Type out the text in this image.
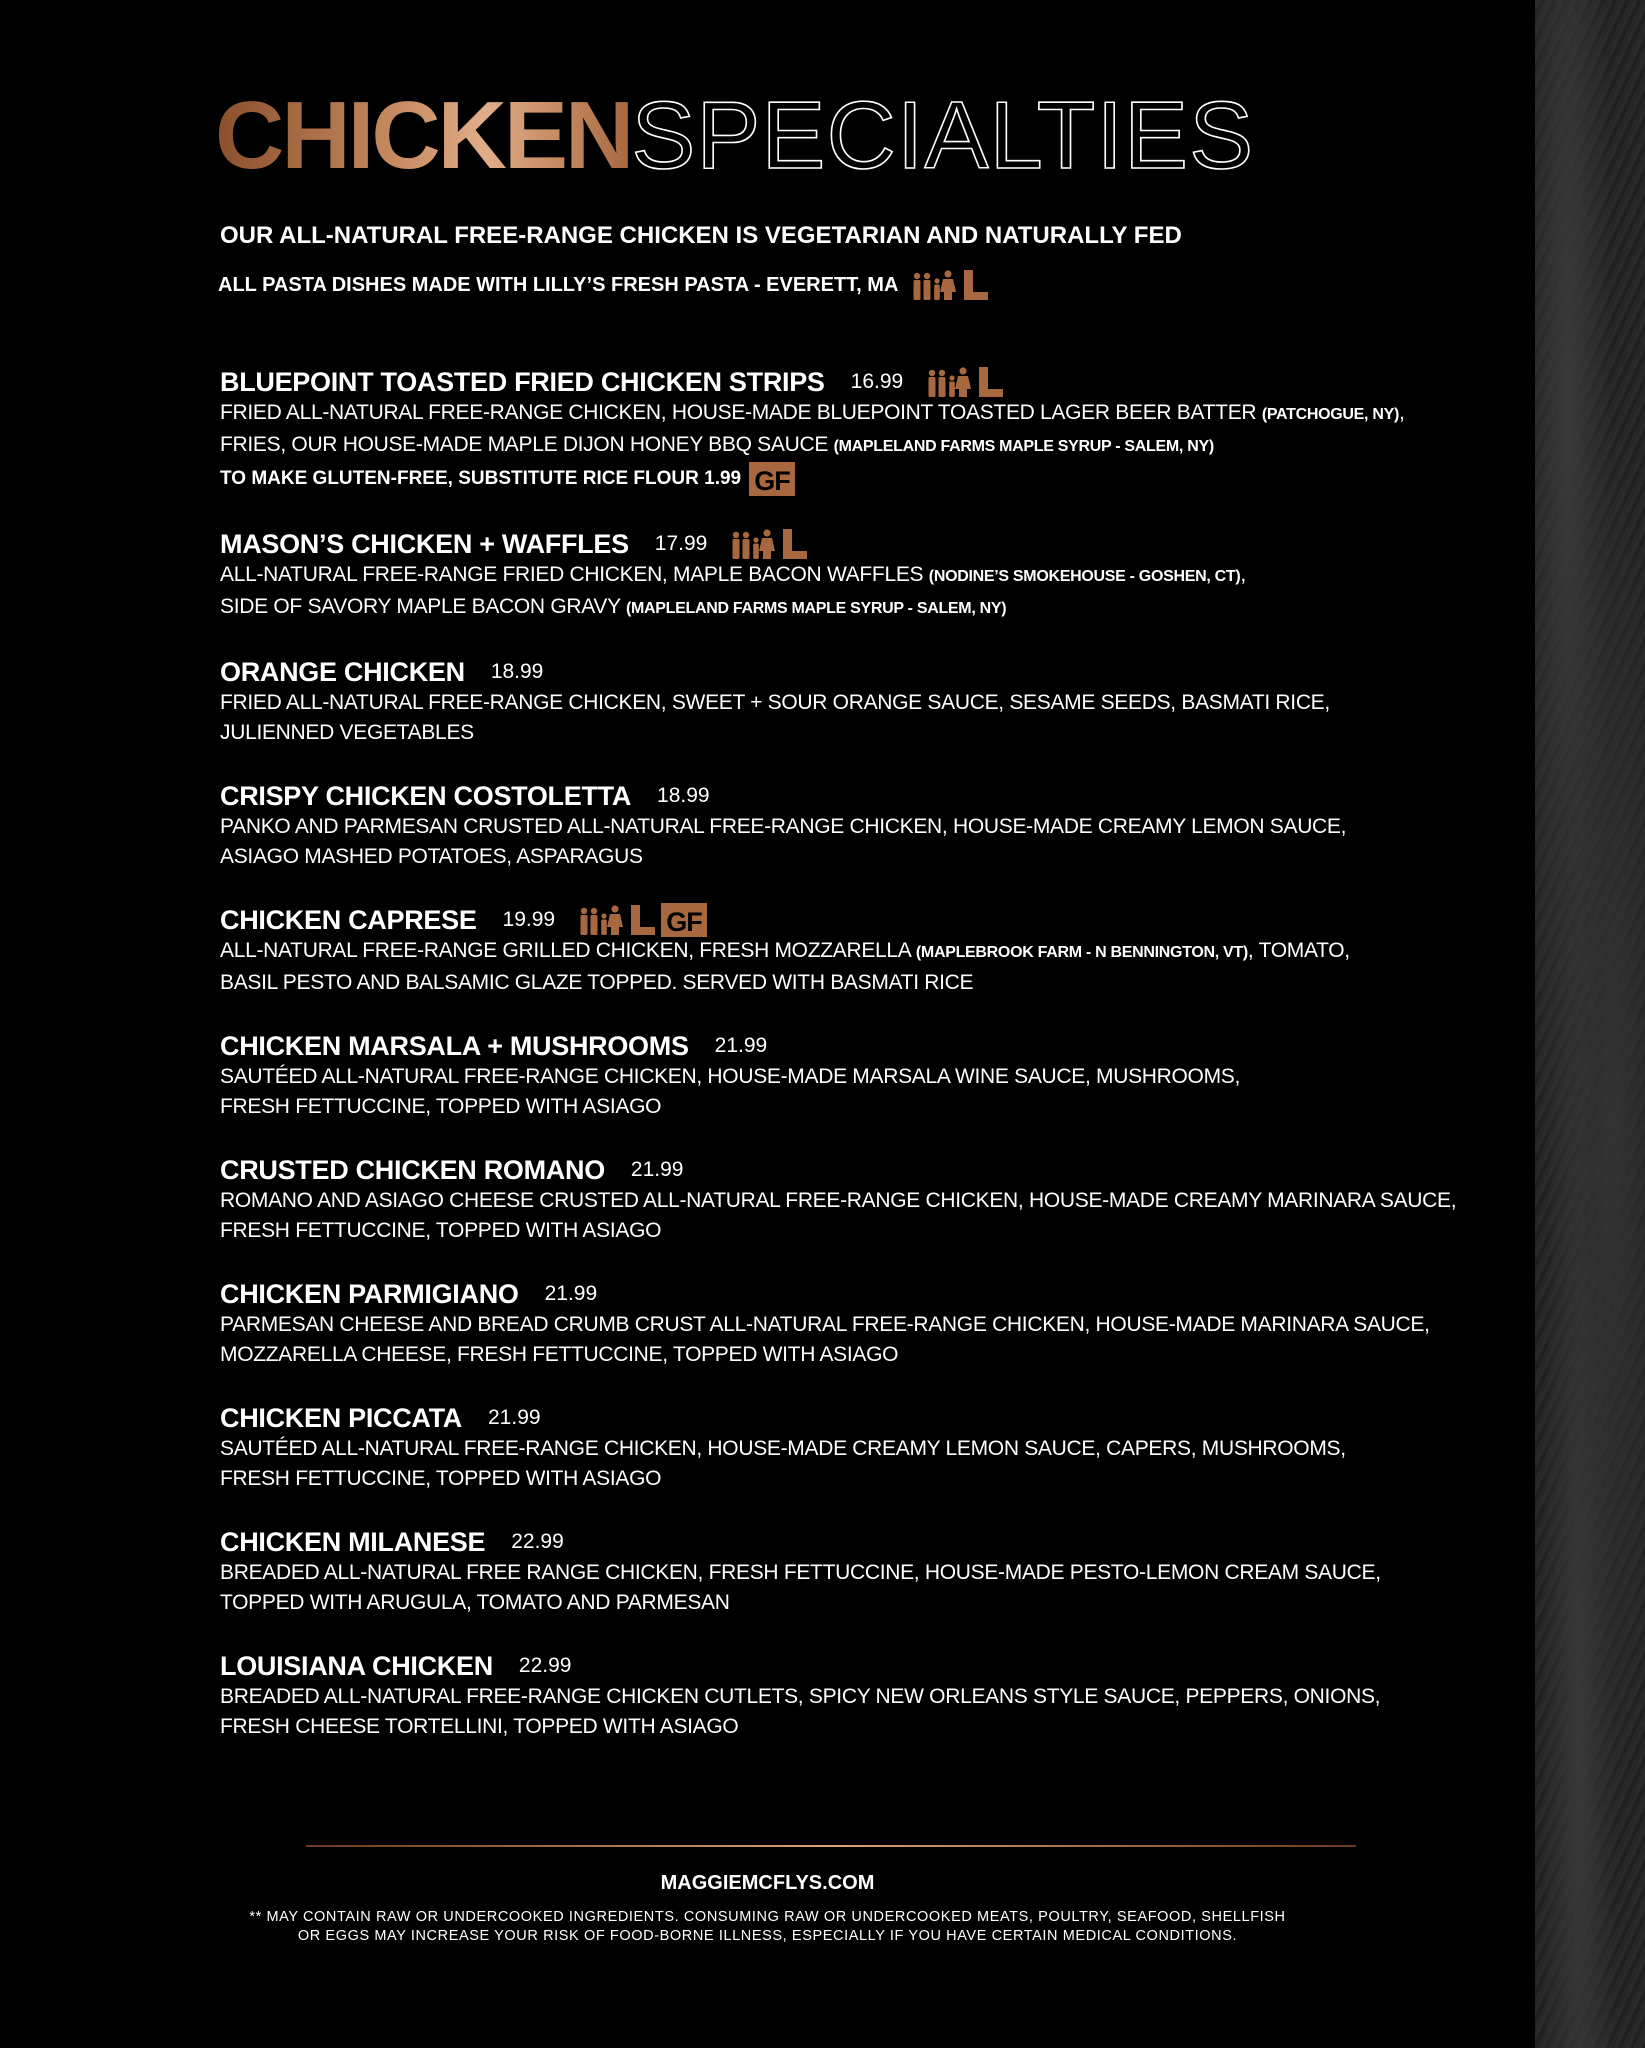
CHICKEN SPECIALTIES
OUR ALL-NATURAL FREE-RANGE CHICKEN IS VEGETARIAN AND NATURALLY FED
ALL PASTA DISHES MADE WITH LILLY’S FRESH PASTA - EVERETT, MA
BLUEPOINT TOASTED FRIED CHICKEN STRIPS 16.99
FRIED ALL-NATURAL FREE-RANGE CHICKEN, HOUSE-MADE BLUEPOINT TOASTED LAGER BEER BATTER (PATCHOGUE, NY),
FRIES, OUR HOUSE-MADE MAPLE DIJON HONEY BBQ SAUCE (MAPLELAND FARMS MAPLE SYRUP - SALEM, NY)
TO MAKE GLUTEN-FREE, SUBSTITUTE RICE FLOUR 1.99 GF
MASON’S CHICKEN + WAFFLES 17.99
ALL-NATURAL FREE-RANGE FRIED CHICKEN, MAPLE BACON WAFFLES (NODINE’S SMOKEHOUSE - GOSHEN, CT),
SIDE OF SAVORY MAPLE BACON GRAVY (MAPLELAND FARMS MAPLE SYRUP - SALEM, NY)
ORANGE CHICKEN 18.99
FRIED ALL-NATURAL FREE-RANGE CHICKEN, SWEET + SOUR ORANGE SAUCE, SESAME SEEDS, BASMATI RICE,
JULIENNED VEGETABLES
CRISPY CHICKEN COSTOLETTA 18.99
PANKO AND PARMESAN CRUSTED ALL-NATURAL FREE-RANGE CHICKEN, HOUSE-MADE CREAMY LEMON SAUCE,
ASIAGO MASHED POTATOES, ASPARAGUS
CHICKEN CAPRESE 19.99	GF
ALL-NATURAL FREE-RANGE GRILLED CHICKEN, FRESH MOZZARELLA (MAPLEBROOK FARM - N BENNINGTON, VT), TOMATO,
BASIL PESTO AND BALSAMIC GLAZE TOPPED. SERVED WITH BASMATI RICE
CHICKEN MARSALA + MUSHROOMS 21.99
SAUTÉED ALL-NATURAL FREE-RANGE CHICKEN, HOUSE-MADE MARSALA WINE SAUCE, MUSHROOMS,
FRESH FETTUCCINE, TOPPED WITH ASIAGO
CRUSTED CHICKEN ROMANO 21.99
ROMANO AND ASIAGO CHEESE CRUSTED ALL-NATURAL FREE-RANGE CHICKEN, HOUSE-MADE CREAMY MARINARA SAUCE,
FRESH FETTUCCINE, TOPPED WITH ASIAGO
CHICKEN PARMIGIANO 21.99
PARMESAN CHEESE AND BREAD CRUMB CRUST ALL-NATURAL FREE-RANGE CHICKEN, HOUSE-MADE MARINARA SAUCE,
MOZZARELLA CHEESE, FRESH FETTUCCINE, TOPPED WITH ASIAGO
CHICKEN PICCATA 21.99
SAUTÉED ALL-NATURAL FREE-RANGE CHICKEN, HOUSE-MADE CREAMY LEMON SAUCE, CAPERS, MUSHROOMS,
FRESH FETTUCCINE, TOPPED WITH ASIAGO
CHICKEN MILANESE 22.99
BREADED ALL-NATURAL FREE RANGE CHICKEN, FRESH FETTUCCINE, HOUSE-MADE PESTO-LEMON CREAM SAUCE,
TOPPED WITH ARUGULA, TOMATO AND PARMESAN
LOUISIANA CHICKEN 22.99
BREADED ALL-NATURAL FREE-RANGE CHICKEN CUTLETS, SPICY NEW ORLEANS STYLE SAUCE, PEPPERS, ONIONS,
FRESH CHEESE TORTELLINI, TOPPED WITH ASIAGO
MAGGIEMCFLYS.COM
** MAY CONTAIN RAW OR UNDERCOOKED INGREDIENTS. CONSUMING RAW OR UNDERCOOKED MEATS, POULTRY, SEAFOOD, SHELLFISH
OR EGGS MAY INCREASE YOUR RISK OF FOOD-BORNE ILLNESS, ESPECIALLY IF YOU HAVE CERTAIN MEDICAL CONDITIONS.
